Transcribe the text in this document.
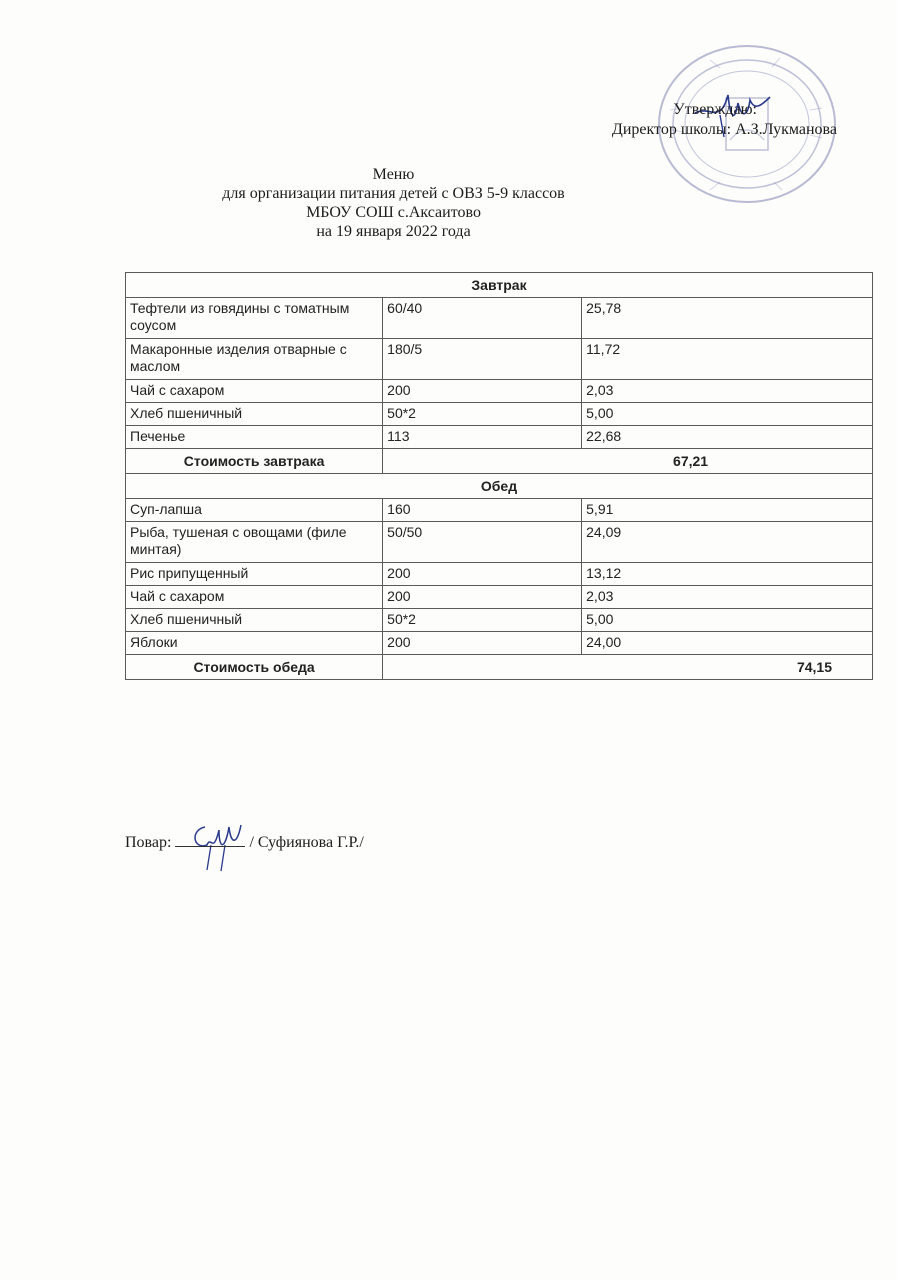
Утверждаю:
Директор школы: А.З.Лукманова
Меню
для организации питания детей с ОВЗ 5-9 классов
МБОУ СОШ с.Аксаитово
на 19 января 2022 года
Завтрак		
Тефтели из говядины с томатным соусом	60/40	25,78
Макаронные изделия отварные с маслом	180/5	11,72
Чай с сахаром	200	2,03
Хлеб пшеничный	50*2	5,00
Печенье	113	22,68
Стоимость завтрака	67,21	
Обед		
Суп-лапша	160	5,91
Рыба, тушеная с овощами (филе минтая)	50/50	24,09
Рис припущенный	200	13,12
Чай с сахаром	200	2,03
Хлеб пшеничный	50*2	5,00
Яблоки	200	24,00
Стоимость обеда	74,15	
Повар:	/ Суфиянова Г.Р./
